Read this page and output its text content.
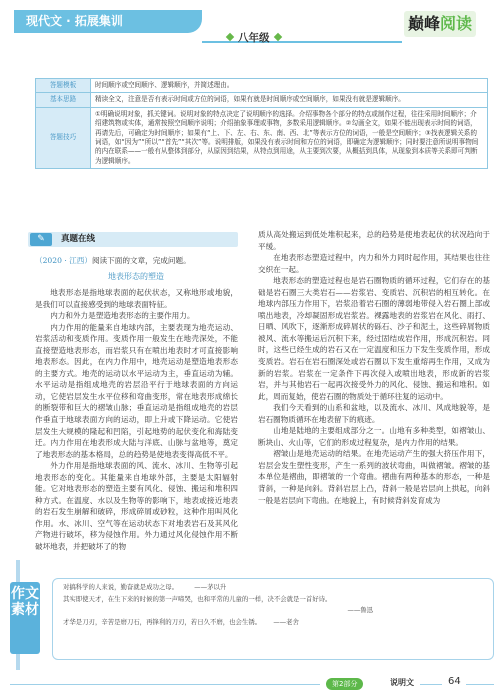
现代文 · 拓展集训
八年级
巅峰阅读
答题模板	时间顺序或空间顺序、逻辑顺序，并简述理由。
基本思路	精读全文，注意是否有表示时间或方位的词语，如果有就是时间顺序或空间顺序，如果没有就是逻辑顺序。
答题技巧	①明确说明对象，抓关键词。说明对象的特点决定了说明顺序的选择。介绍事物各个部分的特点或制作过程，往往采用时间顺序；介绍建筑物或实体，通常按照空间顺序说明；介绍抽象事理或事物，多数采用逻辑顺序。②勾画全文，如果不能出现表示时间的词语，再请先后，可确定为时间顺序；如果有“上、下、左、右、东、南、西、北”等表示方位的词语，一般是空间顺序；③找表逻辑关系的词语，如“因为”“所以”“首先”“其次”等。说明排版，如果没有表示时间和方位的词语，即确定为逻辑顺序；同时要注意所说明事物间的内在联系——一般有从整体到部分，从原因到结果，从特点到用途，从主要到次要，从概括到具体，从现象到本质等关系即可判断为逻辑顺序。
✎	真题在线
（2020 · 江西）阅读下面的文章，完成问题。
地表形态的塑造

地表形态是指地球表面的起伏状态，又称地形或地貌，是我们可以直接感受到的地球表面特征。

内力和外力是塑造地表形态的主要作用力。

内力作用的能量来自地球内部，主要表现为地壳运动、岩浆活动和变质作用。变质作用一般发生在地壳深处，不能直接塑造地表形态，而岩浆只有在喷出地表时才可直接影响地表形态。因此，在内力作用中，地壳运动是塑造地表形态的主要方式。地壳的运动以水平运动为主，垂直运动为辅。水平运动是指组成地壳的岩层沿平行于地球表面的方向运动，它使岩层发生水平位移和弯曲变形，常在地表形成绵长的断裂带和巨大的褶皱山脉；垂直运动是指组成地壳的岩层作垂直于地球表面方向的运动，即上升或下降运动。它使岩层发生大规模的隆起和凹陷，引起地势的起伏变化和海陆变迁。内力作用在地表形成大陆与洋底、山脉与盆地等，奠定了地表形态的基本格局，总的趋势是使地表变得高低不平。

外力作用是指地球表面的风、流水、冰川、生物等引起地表形态的变化。其能量来自地球外部，主要是太阳辐射能。它对地表形态的塑造主要有风化、侵蚀、搬运和堆积四种方式。在温度、水以及生物等的影响下，地表或接近地表的岩石发生崩解和破碎，形成碎屑或砂粒，这种作用叫风化作用。水、冰川、空气等在运动状态下对地表岩石及其风化产物进行破坏，移为侵蚀作用。外力通过风化侵蚀作用不断破坏地表，并把破坏了的物

质从高处搬运到低处堆积起来，总的趋势是使地表起伏的状况趋向于平缓。

在地表形态塑造过程中，内力和外力同时起作用，其结果也往往交织在一起。

地表形态的塑造过程也是岩石圈物质的循环过程，它们存在的基础是岩石圈三大类岩石——岩浆岩、变质岩、沉积岩的相互转化。在地球内部压力作用下，岩浆沿着岩石圈的薄弱地带侵入岩石圈上部或喷出地表，冷却凝固形成岩浆岩。裸露地表的岩浆岩在风化、雨打、日晒、风吹下，逐渐形成碎屑状的砾石、沙子和泥土，这些碎屑物质被风、流水等搬运后沉积下来，经过固结成岩作用，形成沉积岩。同时，这些已经生成的岩石又在一定温度和压力下发生变质作用，形成变质岩。岩石在岩石圈深处或岩石圈以下发生重熔再生作用，又成为新的岩浆。岩浆在一定条件下再次侵入或喷出地表，形成新的岩浆岩，并与其他岩石一起再次接受外力的风化、侵蚀、搬运和堆积。如此，周而复始，使岩石圈的物质处于循环往复的运动中。

我们今天看到的山系和盆地，以及流水、冰川、风成地貌等，是岩石圈物质循环在地表留下的痕迹。

山地是陆地的主要组成部分之一。山地有多种类型，如褶皱山、断块山、火山等，它们的形成过程复杂，是内力作用的结果。

褶皱山是地壳运动的结果。在地壳运动产生的强大挤压作用下，岩层会发生塑性变形，产生一系列的波状弯曲，叫做褶皱。褶皱的基本单位是褶曲，即褶皱的一个弯曲。褶曲有两种基本的形态，一种是背斜，一种是向斜。背斜岩层上凸，背斜一般是岩层向上拱起，向斜一般是岩层向下弯曲。在地貌上，有时候背斜发育成为

作文
素材
对搞科学的人来说，勤奋就是成功之母。	——茅以升
其实即使天才，在生下来的时候的第一声啼哭，也和平常的儿童的一样，决不会就是一首好诗。
——鲁迅
才华是刀刃，辛苦是磨刀石，再锋利的刀刃，若日久不磨，也会生锈。 ——老舍
第2部分	说明文	64
